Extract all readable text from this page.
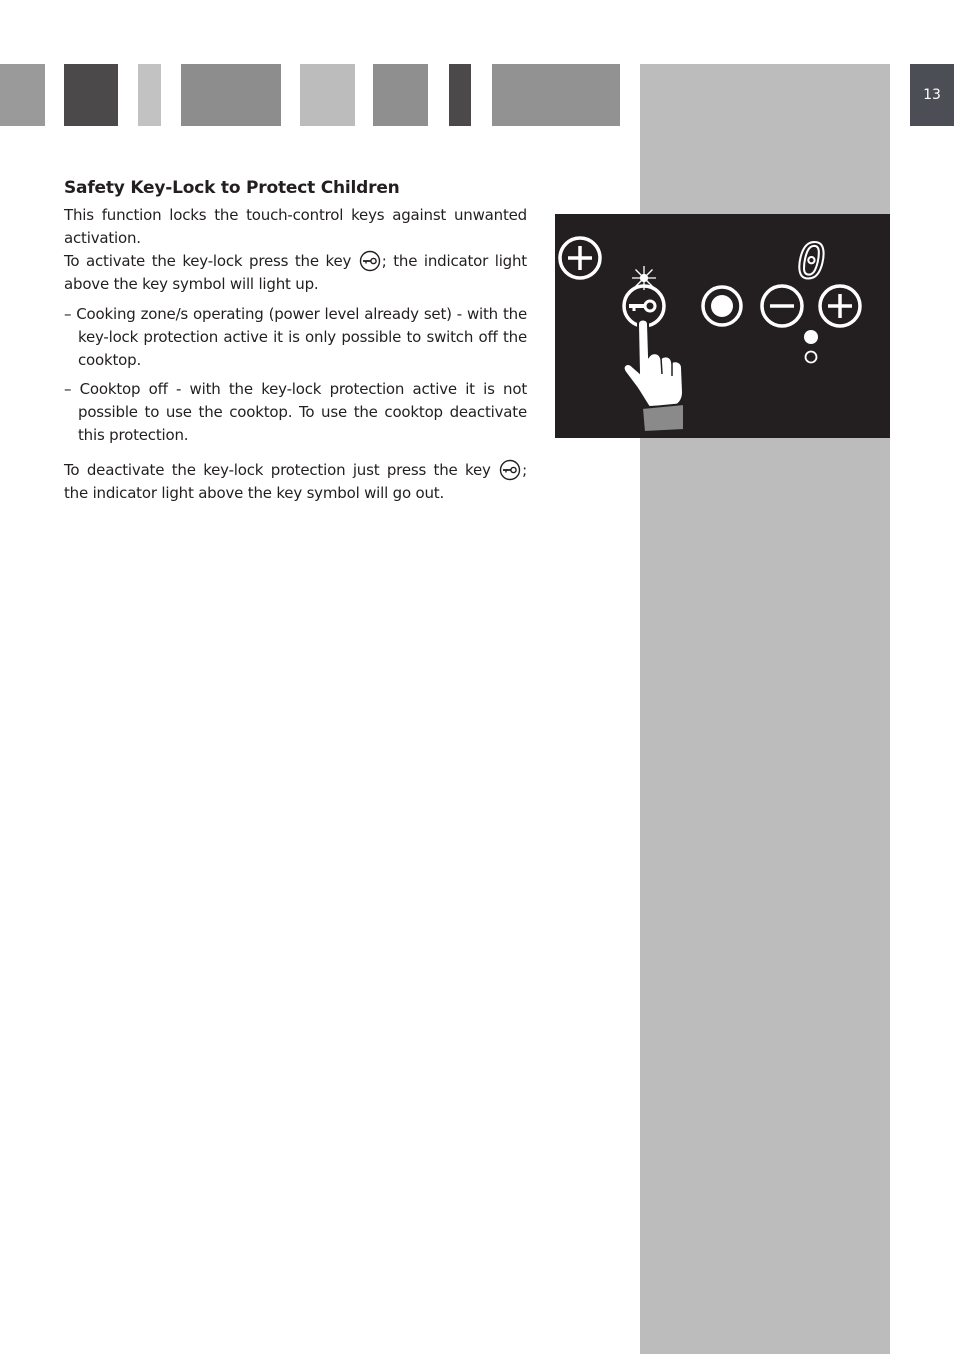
13
Safety Key-Lock to Protect Children

This function locks the touch-control keys against unwanted activation.
To activate the key-lock press the key ; the indicator light above the key symbol will light up.

– Cooking zone/s operating (power level already set) - with the key-lock protection active it is only possible to switch off the cooktop.
– Cooktop off - with the key-lock protection active it is not possible to use the cooktop. To use the cooktop deactivate this protection.

To deactivate the key-lock protection just press the key ; the indicator light above the key symbol will go out.

0
